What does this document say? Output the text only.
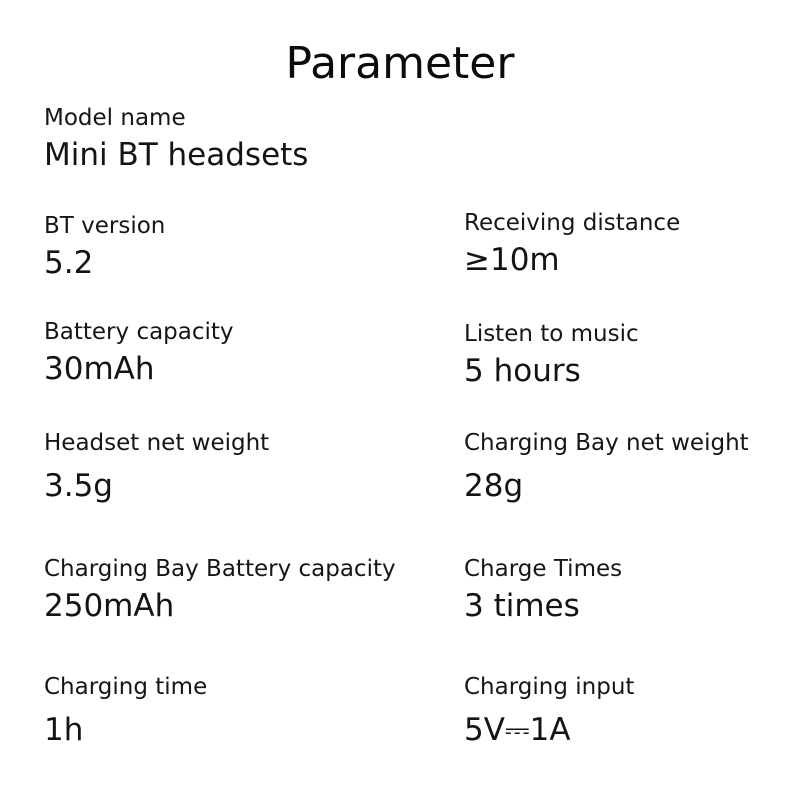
Parameter
Model name
Mini BT headsets
BT version
5.2
Receiving distance
≥10m
Battery capacity
30mAh
Listen to music
5 hours
Headset net weight
3.5g
Charging Bay net weight
28g
Charging Bay Battery capacity
250mAh
Charge Times
3 times
Charging time
1h
Charging input
5V⎓1A
